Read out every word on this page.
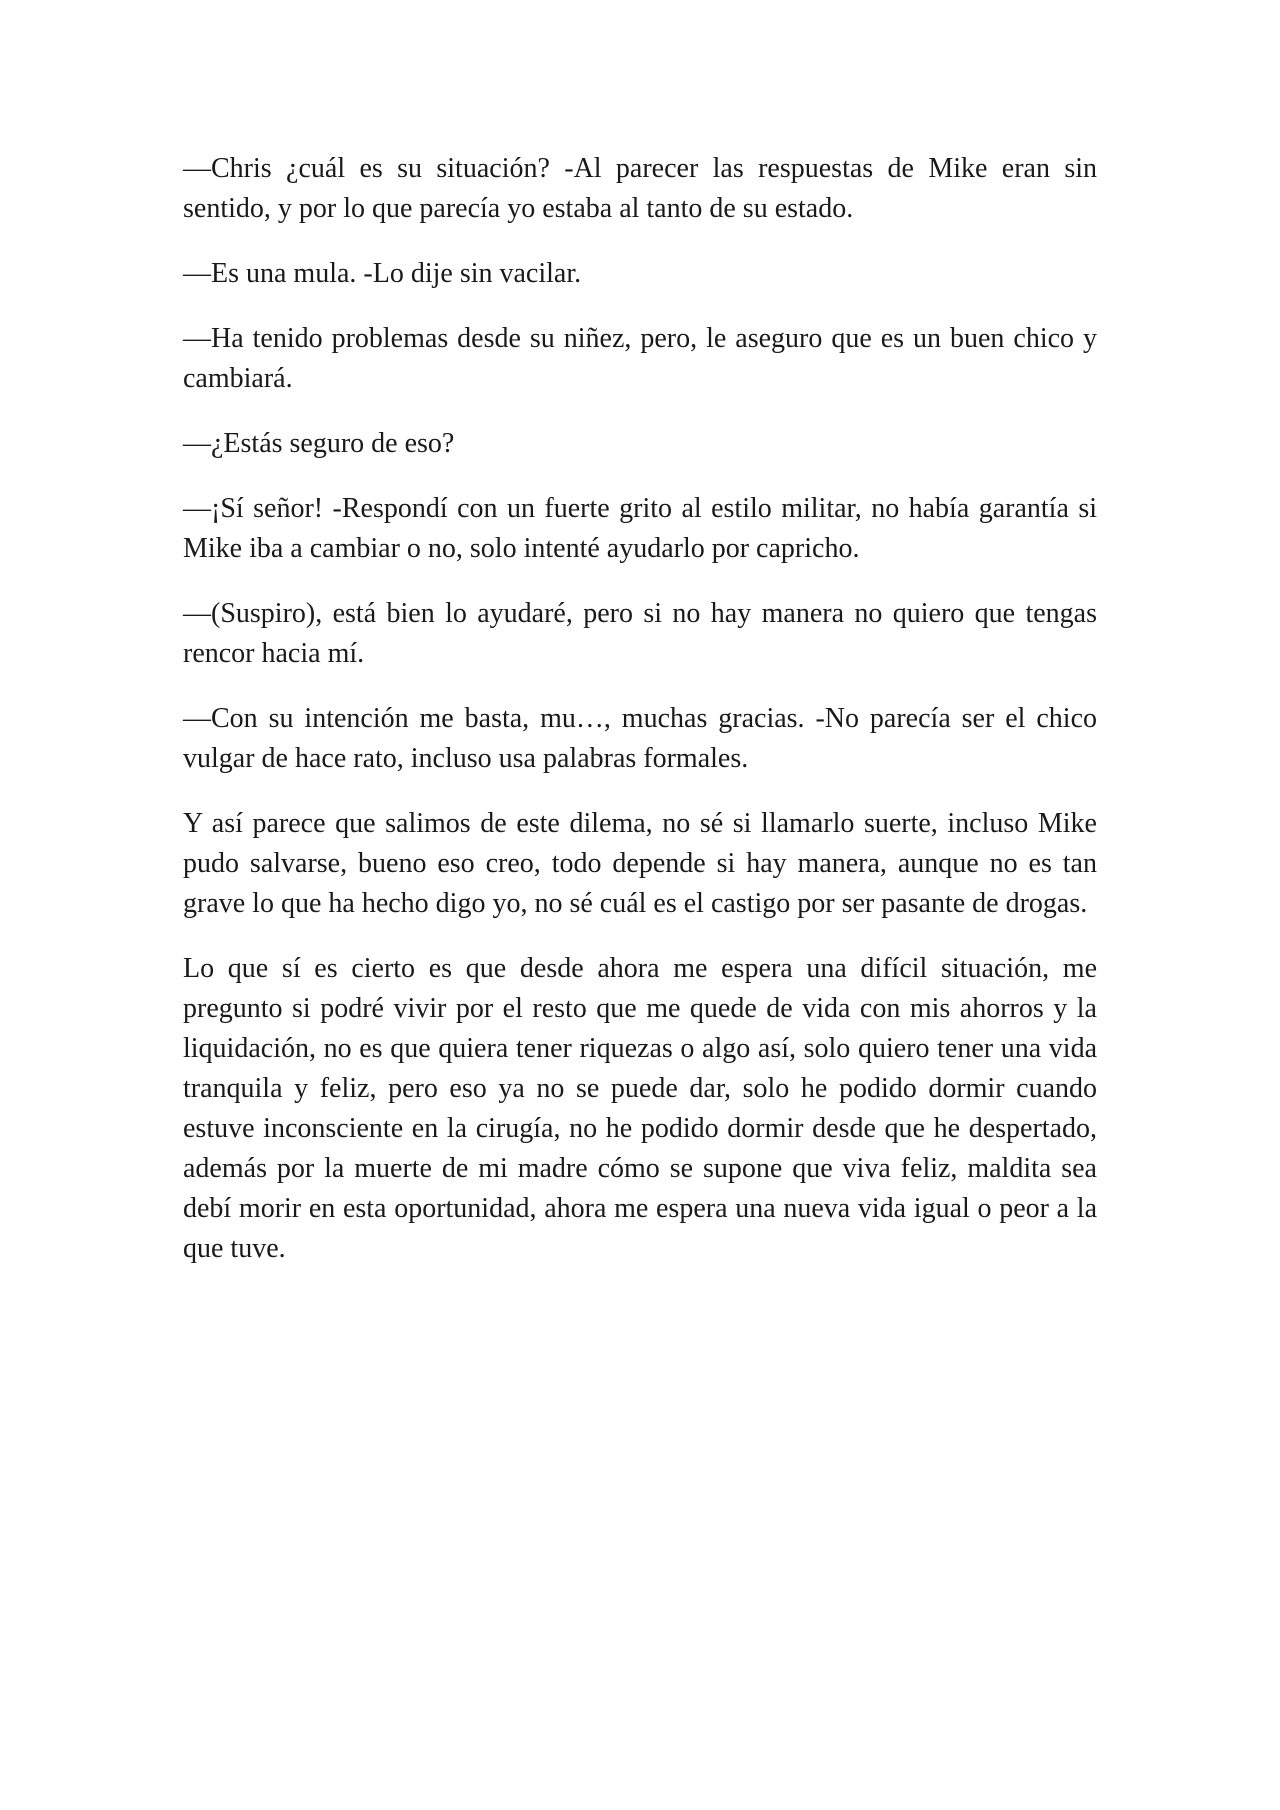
—Chris ¿cuál es su situación? -Al parecer las respuestas de Mike eran sin sentido, y por lo que parecía yo estaba al tanto de su estado.

—Es una mula. -Lo dije sin vacilar.

—Ha tenido problemas desde su niñez, pero, le aseguro que es un buen chico y cambiará.

—¿Estás seguro de eso?

—¡Sí señor! -Respondí con un fuerte grito al estilo militar, no había garantía si Mike iba a cambiar o no, solo intenté ayudarlo por capricho.

—(Suspiro), está bien lo ayudaré, pero si no hay manera no quiero que tengas rencor hacia mí.

—Con su intención me basta, mu…, muchas gracias. -No parecía ser el chico vulgar de hace rato, incluso usa palabras formales.

Y así parece que salimos de este dilema, no sé si llamarlo suerte, incluso Mike pudo salvarse, bueno eso creo, todo depende si hay manera, aunque no es tan grave lo que ha hecho digo yo, no sé cuál es el castigo por ser pasante de drogas.

Lo que sí es cierto es que desde ahora me espera una difícil situación, me pregunto si podré vivir por el resto que me quede de vida con mis ahorros y la liquidación, no es que quiera tener riquezas o algo así, solo quiero tener una vida tranquila y feliz, pero eso ya no se puede dar, solo he podido dormir cuando estuve inconsciente en la cirugía, no he podido dormir desde que he despertado, además por la muerte de mi madre cómo se supone que viva feliz, maldita sea debí morir en esta oportunidad, ahora me espera una nueva vida igual o peor a la que tuve.
